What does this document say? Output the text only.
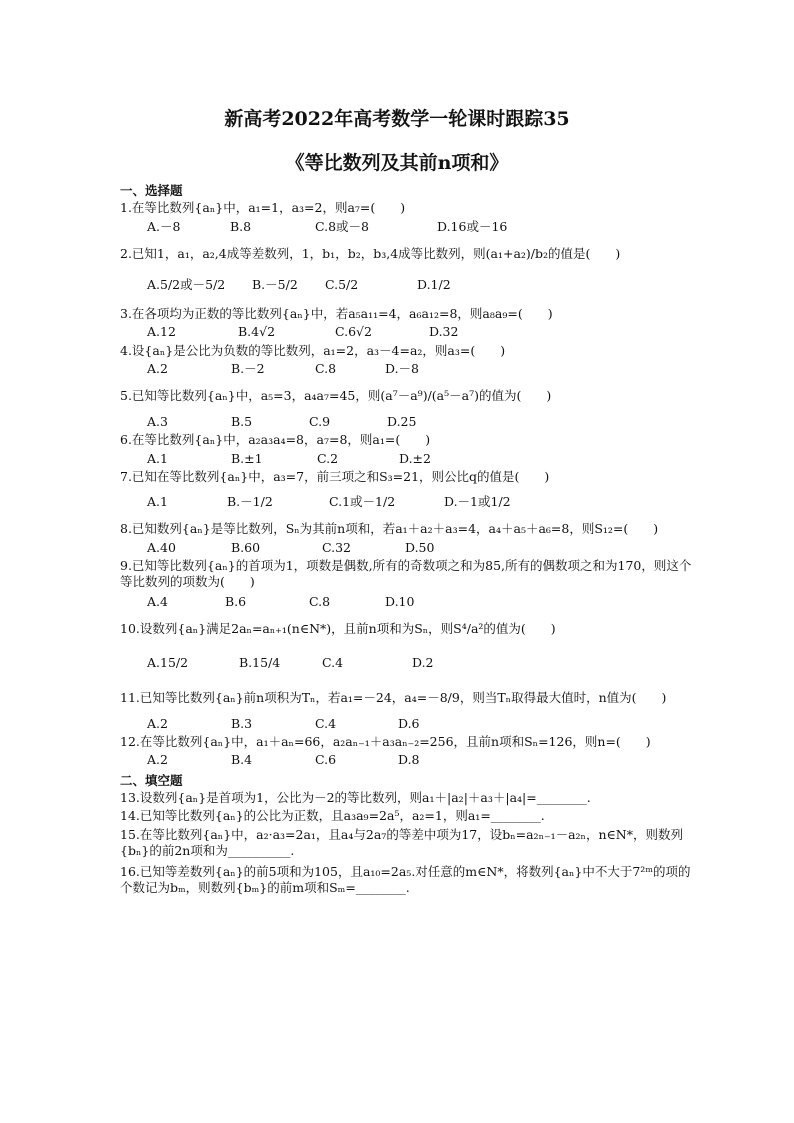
新高考2022年高考数学一轮课时跟踪35
《等比数列及其前n项和》
一、选择题
1.在等比数列{aₙ}中，a₁=1，a₃=2，则a₇=(　　)
A.－8	B.8	C.8或－8	D.16或－16
2.已知1，a₁，a₂,4成等差数列，1，b₁，b₂，b₃,4成等比数列，则(a₁+a₂)/b₂的值是(　　)
A.5/2或－5/2 B.－5/2 C.5/2	D.1/2
3.在各项均为正数的等比数列{aₙ}中，若a₅a₁₁=4，a₆a₁₂=8，则a₈a₉=(　　)
A.12	B.4√2	C.6√2	D.32
4.设{aₙ}是公比为负数的等比数列，a₁=2，a₃－4=a₂，则a₃=(　　)
A.2	B.－2	C.8	D.－8
5.已知等比数列{aₙ}中，a₅=3，a₄a₇=45，则(a⁷－a⁹)/(a⁵－a⁷)的值为(　　)
A.3	B.5	C.9	D.25
6.在等比数列{aₙ}中，a₂a₃a₄=8，a₇=8，则a₁=(　　)
A.1	B.±1	C.2	D.±2
7.已知在等比数列{aₙ}中，a₃=7，前三项之和S₃=21，则公比q的值是(　　)
A.1	B.－1/2	C.1或－1/2	D.－1或1/2
8.已知数列{aₙ}是等比数列，Sₙ为其前n项和，若a₁＋a₂＋a₃=4，a₄＋a₅＋a₆=8，则S₁₂=(　　)
A.40	B.60	C.32	D.50
9.已知等比数列{aₙ}的首项为1，项数是偶数,所有的奇数项之和为85,所有的偶数项之和为170，则这个等比数列的项数为(　　)
A.4	B.6	C.8	D.10
10.设数列{aₙ}满足2aₙ=aₙ₊₁(n∈N*)，且前n项和为Sₙ，则S⁴/a²的值为(　　)
A.15/2	B.15/4	C.4	D.2
11.已知等比数列{aₙ}前n项积为Tₙ，若a₁=－24，a₄=－8/9，则当Tₙ取得最大值时，n值为(　　)
A.2	B.3	C.4	D.6
12.在等比数列{aₙ}中，a₁＋aₙ=66，a₂aₙ₋₁＋a₃aₙ₋₂=256，且前n项和Sₙ=126，则n=(　　)
A.2	B.4	C.6	D.8
二、填空题
13.设数列{aₙ}是首项为1，公比为－2的等比数列，则a₁＋|a₂|＋a₃＋|a₄|=________.
14.已知等比数列{aₙ}的公比为正数，且a₃a₉=2a⁵，a₂=1，则a₁=________.
15.在等比数列{aₙ}中，a₂·a₃=2a₁，且a₄与2a₇的等差中项为17，设bₙ=a₂ₙ₋₁－a₂ₙ，n∈N*，则数列{bₙ}的前2n项和为__________.
16.已知等差数列{aₙ}的前5项和为105，且a₁₀=2a₅.对任意的m∈N*，将数列{aₙ}中不大于7²ᵐ的项的个数记为bₘ，则数列{bₘ}的前m项和Sₘ=________.
